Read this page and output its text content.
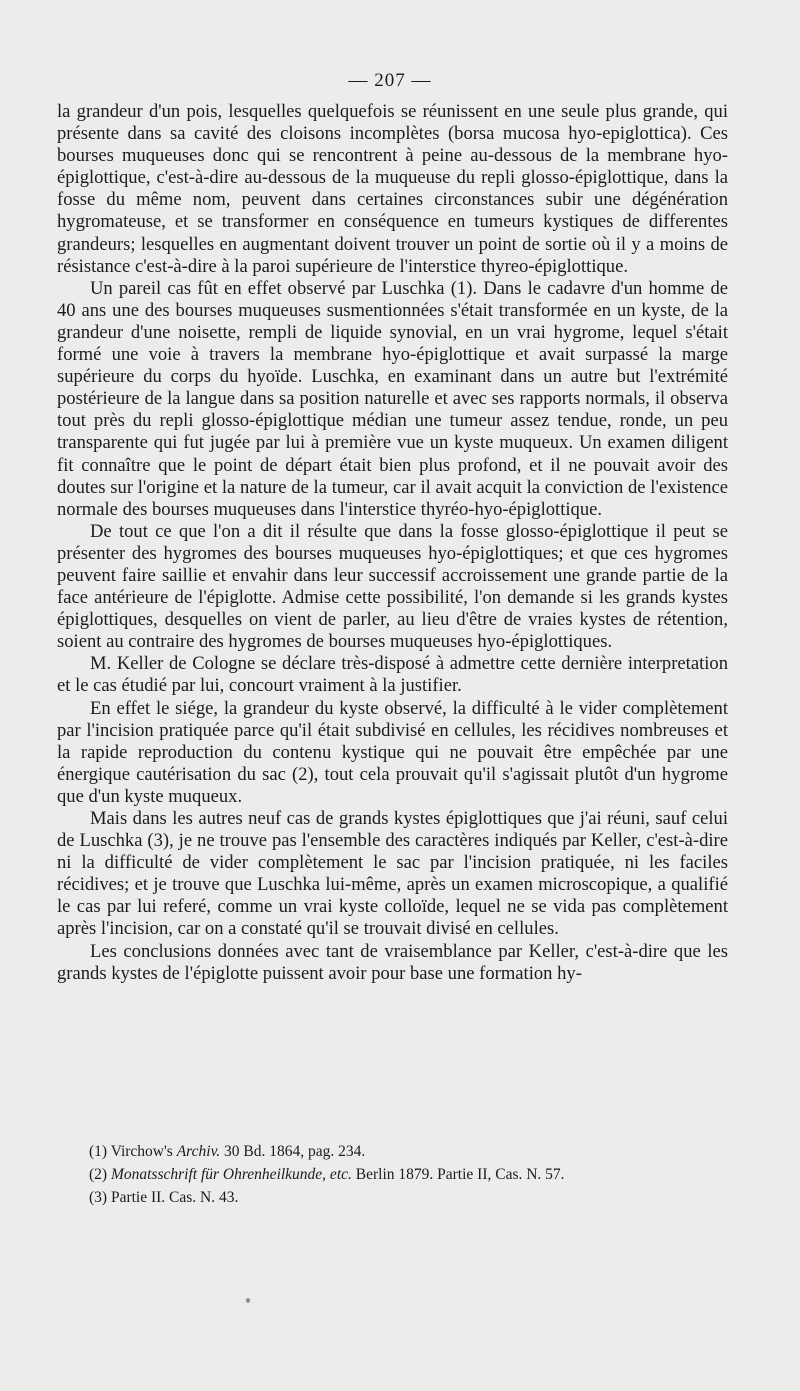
— 207 —

la grandeur d'un pois, lesquelles quelquefois se réunissent en une seule plus grande, qui présente dans sa cavité des cloisons incomplètes (borsa mucosa hyo-epiglottica). Ces bourses muqueuses donc qui se rencontrent à peine au-dessous de la membrane hyo-épiglottique, c'est-à-dire au-dessous de la muqueuse du repli glosso-épiglottique, dans la fosse du même nom, peuvent dans certaines circonstances subir une dégénération hygromateuse, et se transformer en conséquence en tumeurs kystiques de differentes grandeurs; lesquelles en augmentant doivent trouver un point de sortie où il y a moins de résistance c'est-à-dire à la paroi supérieure de l'interstice thyreo-épiglottique.

Un pareil cas fût en effet observé par Luschka (1). Dans le cadavre d'un homme de 40 ans une des bourses muqueuses susmentionnées s'était transformée en un kyste, de la grandeur d'une noisette, rempli de liquide synovial, en un vrai hygrome, lequel s'était formé une voie à travers la membrane hyo-épiglottique et avait surpassé la marge supérieure du corps du hyoïde. Luschka, en examinant dans un autre but l'extrémité postérieure de la langue dans sa position naturelle et avec ses rapports normals, il observa tout près du repli glosso-épiglottique médian une tumeur assez tendue, ronde, un peu transparente qui fut jugée par lui à première vue un kyste muqueux. Un examen diligent fit connaître que le point de départ était bien plus profond, et il ne pouvait avoir des doutes sur l'origine et la nature de la tumeur, car il avait acquit la conviction de l'existence normale des bourses muqueuses dans l'interstice thyréo-hyo-épiglottique.

De tout ce que l'on a dit il résulte que dans la fosse glosso-épiglottique il peut se présenter des hygromes des bourses muqueuses hyo-épiglottiques; et que ces hygromes peuvent faire saillie et envahir dans leur successif accroissement une grande partie de la face antérieure de l'épiglotte. Admise cette possibilité, l'on demande si les grands kystes épiglottiques, desquelles on vient de parler, au lieu d'être de vraies kystes de rétention, soient au contraire des hygromes de bourses muqueuses hyo-épiglottiques.

M. Keller de Cologne se déclare très-disposé à admettre cette dernière interpretation et le cas étudié par lui, concourt vraiment à la justifier.

En effet le siége, la grandeur du kyste observé, la difficulté à le vider complètement par l'incision pratiquée parce qu'il était subdivisé en cellules, les récidives nombreuses et la rapide reproduction du contenu kystique qui ne pouvait être empêchée par une énergique cautérisation du sac (2), tout cela prouvait qu'il s'agissait plutôt d'un hygrome que d'un kyste muqueux.

Mais dans les autres neuf cas de grands kystes épiglottiques que j'ai réuni, sauf celui de Luschka (3), je ne trouve pas l'ensemble des caractères indiqués par Keller, c'est-à-dire ni la difficulté de vider complètement le sac par l'incision pratiquée, ni les faciles récidives; et je trouve que Luschka lui-même, après un examen microscopique, a qualifié le cas par lui referé, comme un vrai kyste colloïde, lequel ne se vida pas complètement après l'incision, car on a constaté qu'il se trouvait divisé en cellules.

Les conclusions données avec tant de vraisemblance par Keller, c'est-à-dire que les grands kystes de l'épiglotte puissent avoir pour base une formation hy-

(1) Virchow's Archiv. 30 Bd. 1864, pag. 234.
(2) Monatsschrift für Ohrenheilkunde, etc. Berlin 1879. Partie II, Cas. N. 57.
(3) Partie II. Cas. N. 43.
